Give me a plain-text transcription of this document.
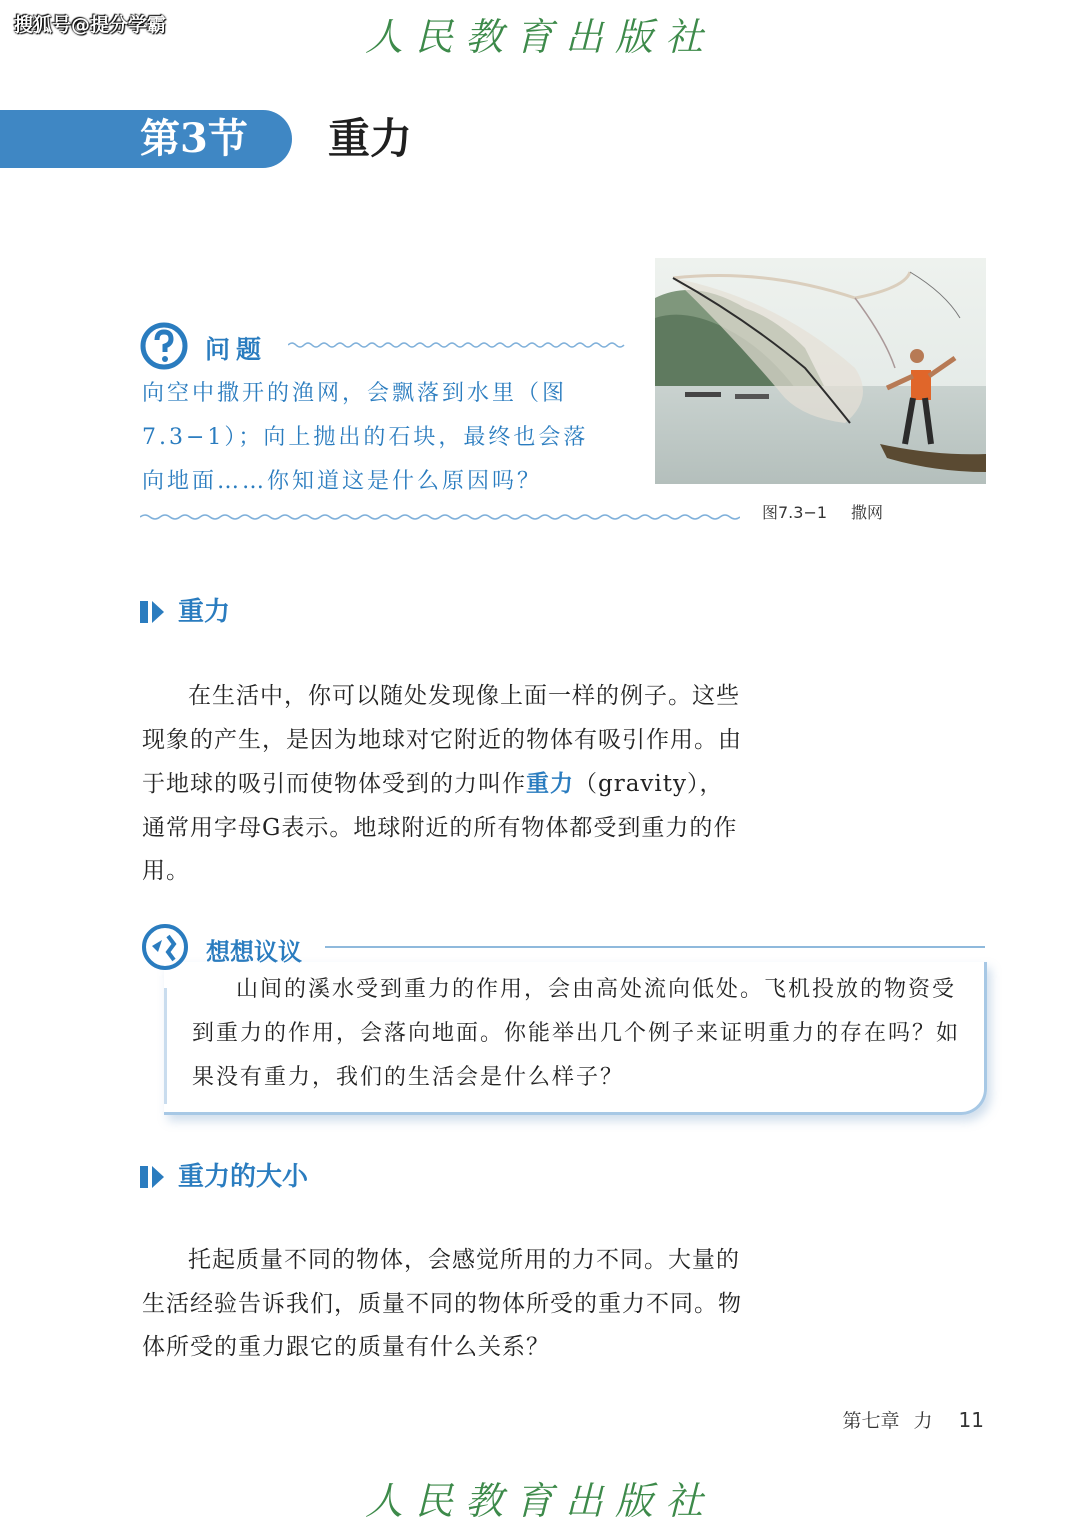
搜狐号@提分学霸	人民教育出版社
第3节 重力
问题
向空中撒开的渔网，会飘落到水里（图7.3−1）；向上抛出的石块，最终也会落向地面……你知道这是什么原因吗？
图7.3−1 撒网
重力

在生活中，你可以随处发现像上面一样的例子。这些现象的产生，是因为地球对它附近的物体有吸引作用。由于地球的吸引而使物体受到的力叫作重力（gravity），通常用字母G表示。地球附近的所有物体都受到重力的作用。

想想议议

山间的溪水受到重力的作用，会由高处流向低处。飞机投放的物资受到重力的作用，会落向地面。你能举出几个例子来证明重力的存在吗？如果没有重力，我们的生活会是什么样子？

重力的大小

托起质量不同的物体，会感觉所用的力不同。大量的生活经验告诉我们，质量不同的物体所受的重力不同。物体所受的重力跟它的质量有什么关系？

第七章 力 11
人民教育出版社
